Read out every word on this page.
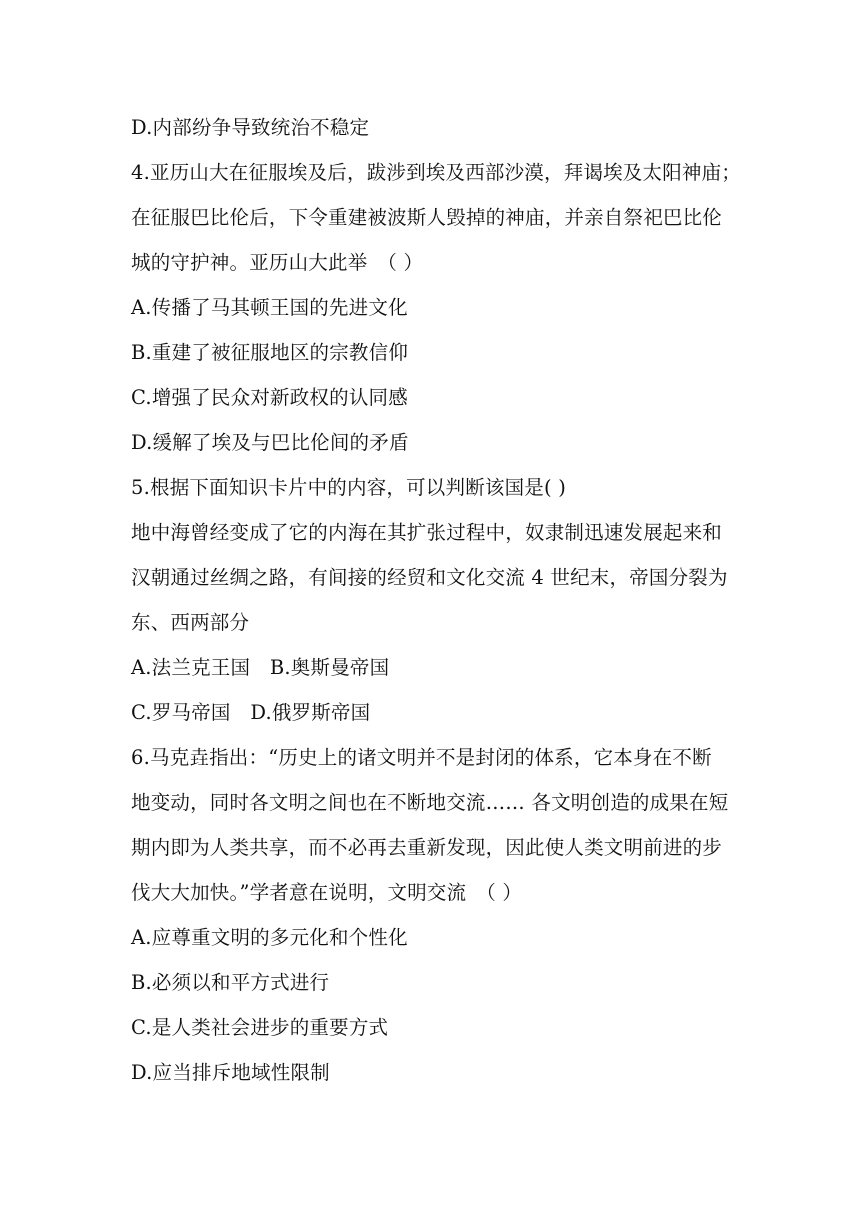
D.内部纷争导致统治不稳定
4.亚历山大在征服埃及后，跋涉到埃及西部沙漠，拜谒埃及太阳神庙；
在征服巴比伦后，下令重建被波斯人毁掉的神庙，并亲自祭祀巴比伦
城的守护神。亚历山大此举　（ ）
A.传播了马其顿王国的先进文化
B.重建了被征服地区的宗教信仰
C.增强了民众对新政权的认同感
D.缓解了埃及与巴比伦间的矛盾
5.根据下面知识卡片中的内容，可以判断该国是( )
地中海曾经变成了它的内海在其扩张过程中，奴隶制迅速发展起来和
汉朝通过丝绸之路，有间接的经贸和文化交流 4 世纪末，帝国分裂为
东、西两部分
A.法兰克王国　B.奥斯曼帝国
C.罗马帝国　D.俄罗斯帝国
6.马克垚指出：“历史上的诸文明并不是封闭的体系，它本身在不断
地变动，同时各文明之间也在不断地交流…… 各文明创造的成果在短
期内即为人类共享，而不必再去重新发现，因此使人类文明前进的步
伐大大加快。”学者意在说明，文明交流　（ ）
A.应尊重文明的多元化和个性化
B.必须以和平方式进行
C.是人类社会进步的重要方式
D.应当排斥地域性限制
